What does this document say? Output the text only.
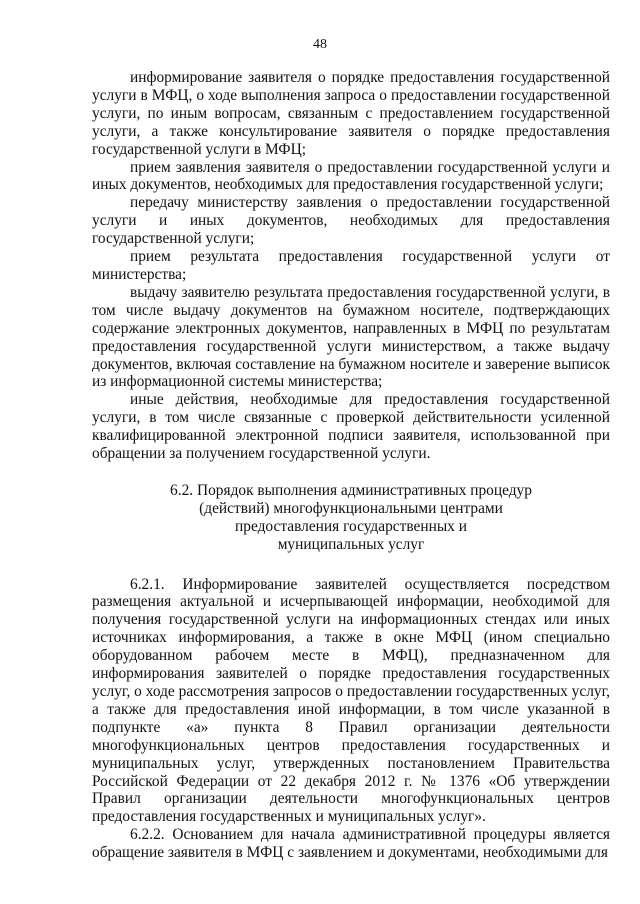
48

информирование заявителя о порядке предоставления государственной услуги в МФЦ, о ходе выполнения запроса о предоставлении государственной услуги, по иным вопросам, связанным с предоставлением государственной услуги, а также консультирование заявителя о порядке предоставления государственной услуги в МФЦ;

прием заявления заявителя о предоставлении государственной услуги и иных документов, необходимых для предоставления государственной услуги;

передачу министерству заявления о предоставлении государственной услуги и иных документов, необходимых для предоставления государственной услуги;

прием результата предоставления государственной услуги от министерства;

выдачу заявителю результата предоставления государственной услуги, в том числе выдачу документов на бумажном носителе, подтверждающих содержание электронных документов, направленных в МФЦ по результатам предоставления государственной услуги министерством, а также выдачу документов, включая составление на бумажном носителе и заверение выписок из информационной системы министерства;

иные действия, необходимые для предоставления государственной услуги, в том числе связанные с проверкой действительности усиленной квалифицированной электронной подписи заявителя, использованной при обращении за получением государственной услуги.

6.2. Порядок выполнения административных процедур
(действий) многофункциональными центрами
предоставления государственных и
муниципальных услуг

6.2.1. Информирование заявителей осуществляется посредством размещения актуальной и исчерпывающей информации, необходимой для получения государственной услуги на информационных стендах или иных источниках информирования, а также в окне МФЦ (ином специально оборудованном рабочем месте в МФЦ), предназначенном для информирования заявителей о порядке предоставления государственных услуг, о ходе рассмотрения запросов о предоставлении государственных услуг, а также для предоставления иной информации, в том числе указанной в подпункте «а» пункта 8 Правил организации деятельности многофункциональных центров предоставления государственных и муниципальных услуг, утвержденных постановлением Правительства Российской Федерации от 22 декабря 2012 г. № 1376 «Об утверждении Правил организации деятельности многофункциональных центров предоставления государственных и муниципальных услуг».

6.2.2. Основанием для начала административной процедуры является обращение заявителя в МФЦ с заявлением и документами, необходимыми для
